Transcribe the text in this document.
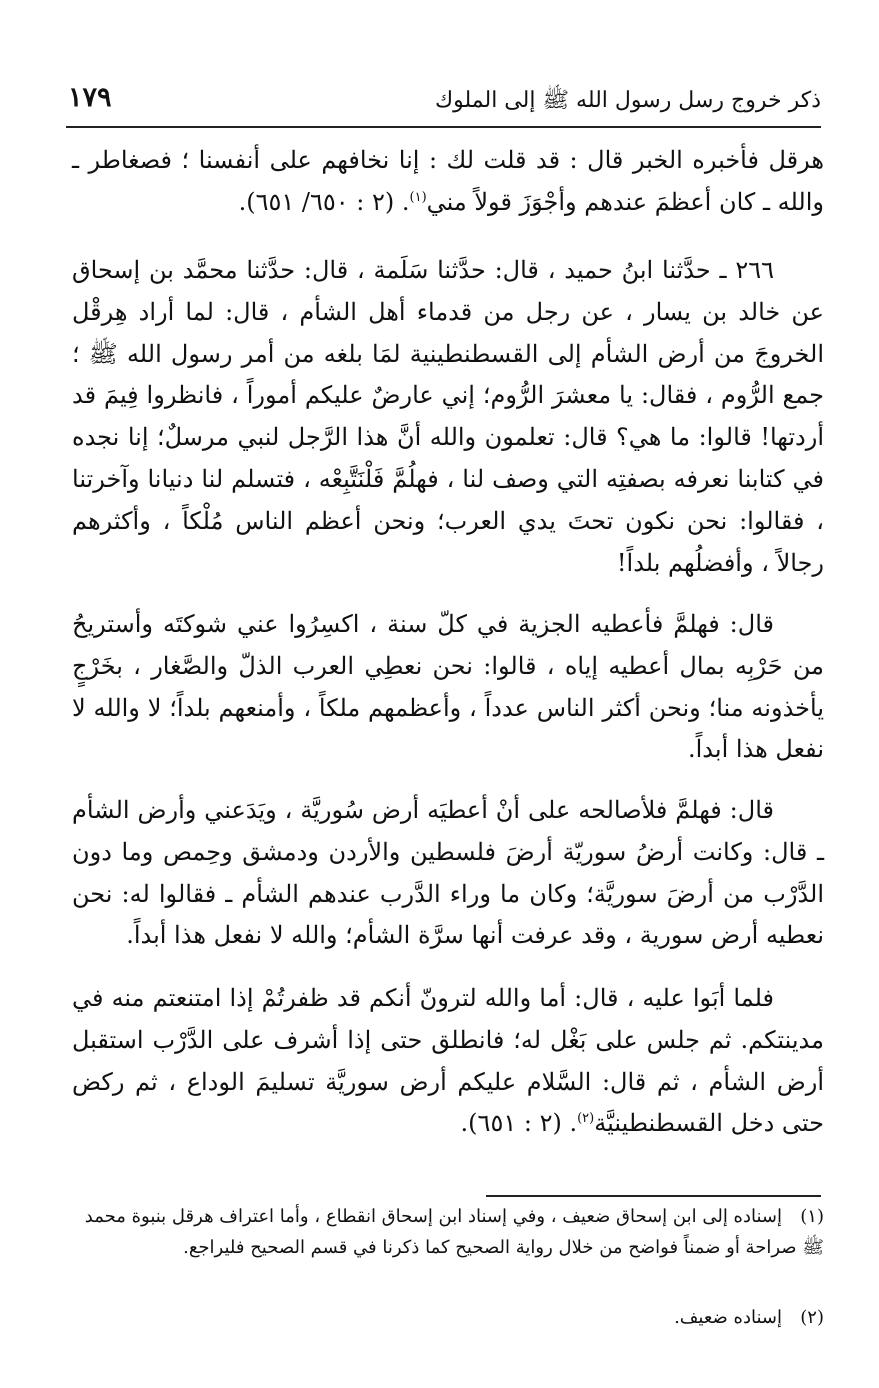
ذكر خروج رسل رسول الله ﷺ إلى الملوك
١٧٩

هرقل فأخبره الخبر قال : قد قلت لك : إنا نخافهم على أنفسنا ؛ فصغاطر ـ والله ـ كان أعظمَ عندهم وأجْوَزَ قولاً مني$^{(١)}$. (٢ : ٦٥٠/ ٦٥١).

٢٦٦ ـ حدَّثنا ابنُ حميد ، قال: حدَّثنا سَلَمة ، قال: حدَّثنا محمَّد بن إسحاق عن خالد بن يسار ، عن رجل من قدماء أهل الشأم ، قال: لما أراد هِرقْل الخروجَ من أرض الشأم إلى القسطنطينية لمَا بلغه من أمر رسول الله ﷺ ؛ جمع الرُّوم ، فقال: يا معشرَ الرُّوم؛ إني عارضٌ عليكم أموراً ، فانظروا فِيمَ قد أردتها! قالوا: ما هي؟ قال: تعلمون والله أنَّ هذا الرَّجل لنبي مرسلٌ؛ إنا نجده في كتابنا نعرفه بصفتِه التي وصف لنا ، فهلُمَّ فَلْنَتَّبِعْه ، فتسلم لنا دنيانا وآخرتنا ، فقالوا: نحن نكون تحتَ يدي العرب؛ ونحن أعظم الناس مُلْكاً ، وأكثرهم رجالاً ، وأفضلُهم بلداً!

قال: فهلمَّ فأعطيه الجزية في كلّ سنة ، اكسِرُوا عني شوكتَه وأستريحُ من حَرْبِه بمال أعطيه إياه ، قالوا: نحن نعطِي العرب الذلّ والصَّغار ، بخَرْجٍ يأخذونه منا؛ ونحن أكثر الناس عدداً ، وأعظمهم ملكاً ، وأمنعهم بلداً؛ لا والله لا نفعل هذا أبداً.

قال: فهلمَّ فلأصالحه على أنْ أعطيَه أرض سُوريَّة ، ويَدَعني وأرض الشأم ـ قال: وكانت أرضُ سوريّة أرضَ فلسطين والأردن ودمشق وحِمص وما دون الدَّرْب من أرضَ سوريَّة؛ وكان ما وراء الدَّرب عندهم الشأم ـ فقالوا له: نحن نعطيه أرض سورية ، وقد عرفت أنها سرَّة الشأم؛ والله لا نفعل هذا أبداً.

فلما أبَوا عليه ، قال: أما والله لترونّ أنكم قد ظفرتُمْ إذا امتنعتم منه في مدينتكم. ثم جلس على بَغْل له؛ فانطلق حتى إذا أشرف على الدَّرْب استقبل أرض الشأم ، ثم قال: السَّلام عليكم أرض سوريَّة تسليمَ الوداع ، ثم ركض حتى دخل القسطنطينيَّة$^{(٢)}$. (٢ : ٦٥١).

(١)إسناده إلى ابن إسحاق ضعيف ، وفي إسناد ابن إسحاق انقطاع ، وأما اعتراف هرقل بنبوة محمد ﷺ صراحة أو ضمناً فواضح من خلال رواية الصحيح كما ذكرنا في قسم الصحيح فليراجع.

(٢)إسناده ضعيف.
